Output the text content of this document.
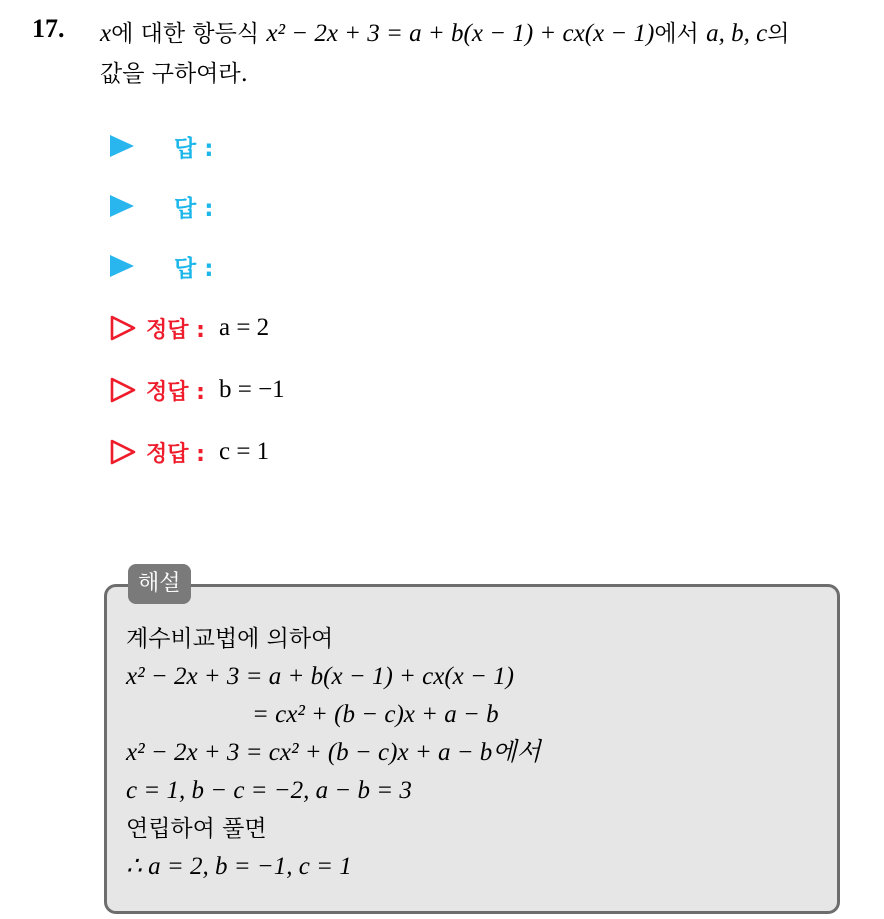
17. x에 대한 항등식 x² − 2x + 3 = a + b(x − 1) + cx(x − 1)에서 a, b, c의
값을 구하여라.
답 :
답 :
답 :
정답 : a = 2
정답 : b = −1
정답 : c = 1
해설
계수비교법에 의하여
x² − 2x + 3 = a + b(x − 1) + cx(x − 1)
= cx² + (b − c)x + a − b
x² − 2x + 3 = cx² + (b − c)x + a − b에서
c = 1, b − c = −2, a − b = 3
연립하여 풀면
∴ a = 2, b = −1, c = 1
